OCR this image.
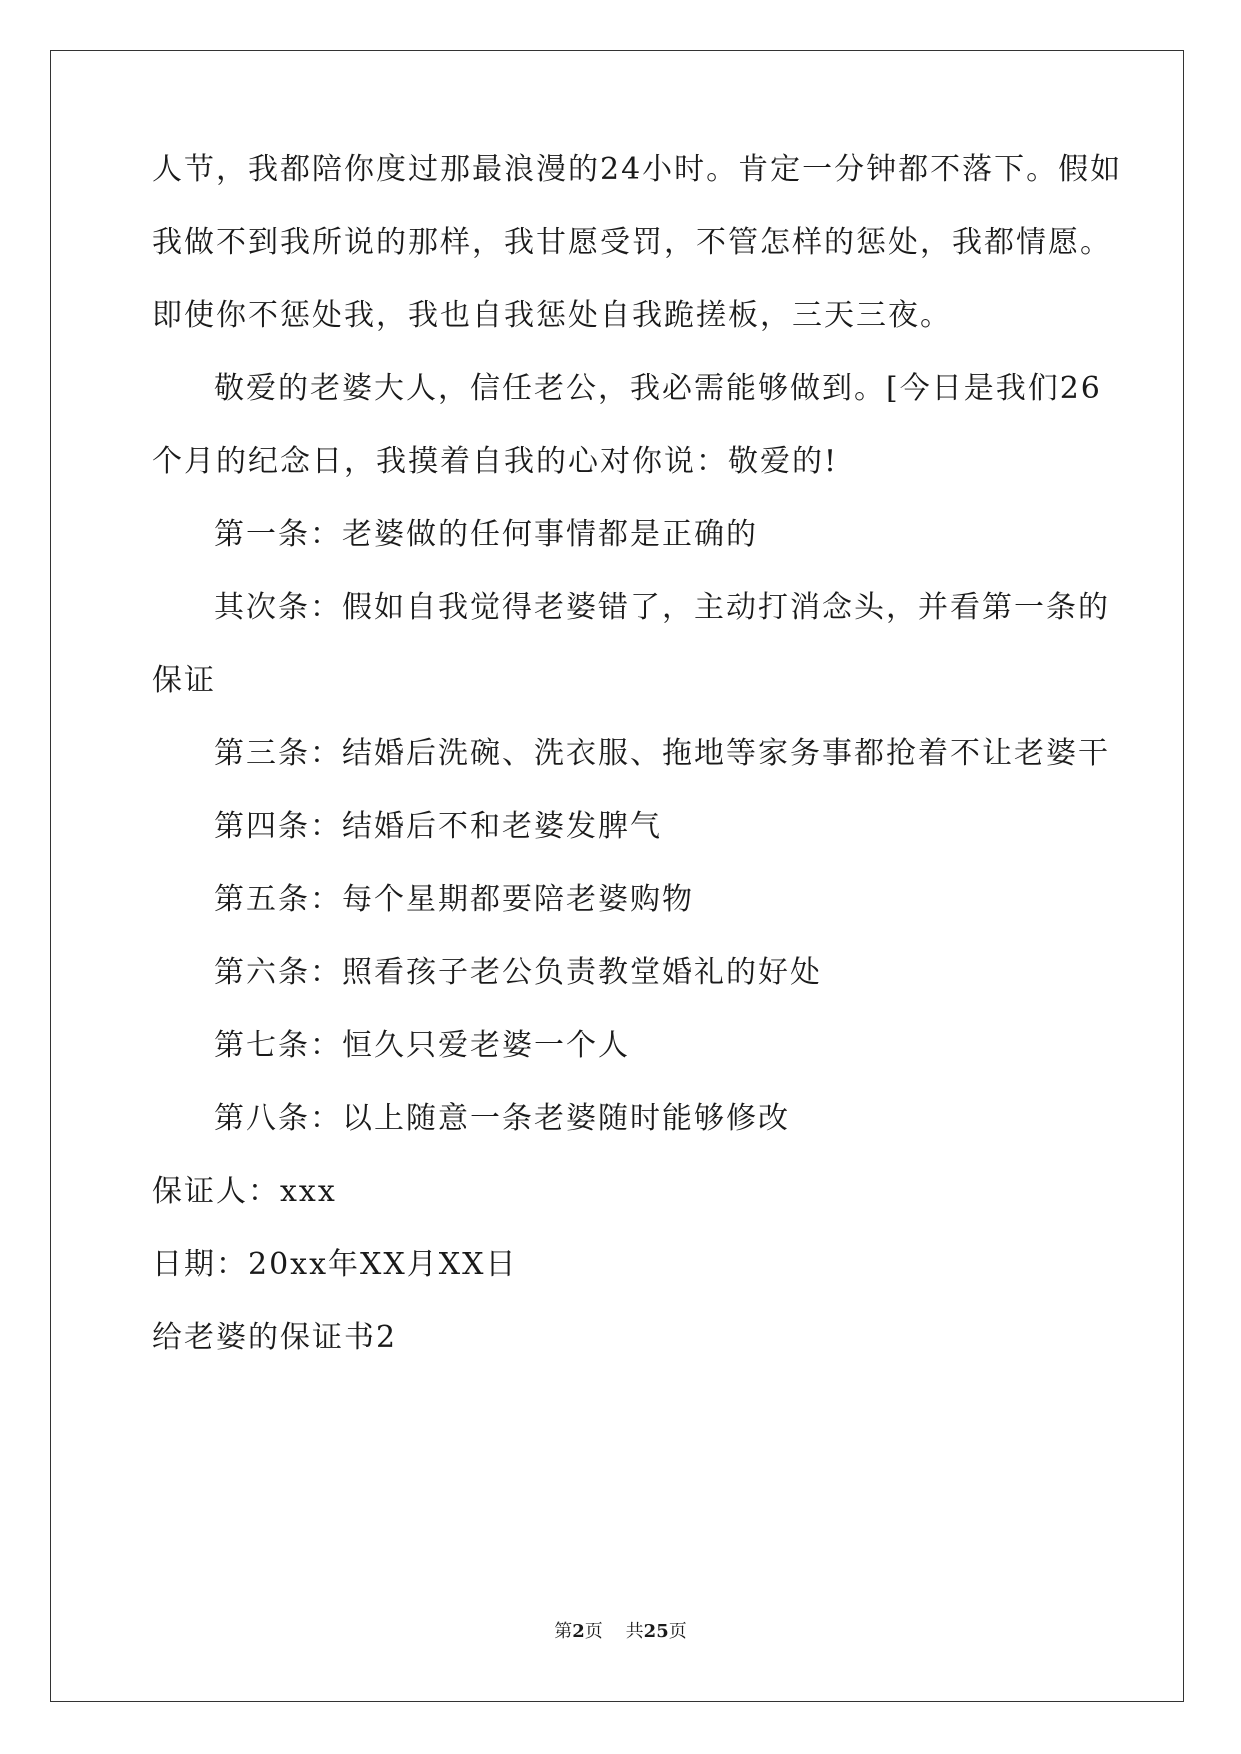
人节，我都陪你度过那最浪漫的24小时。肯定一分钟都不落下。假如
我做不到我所说的那样，我甘愿受罚，不管怎样的惩处，我都情愿。
即使你不惩处我，我也自我惩处自我跪搓板，三天三夜。
敬爱的老婆大人，信任老公，我必需能够做到。[今日是我们26
个月的纪念日，我摸着自我的心对你说：敬爱的!
第一条：老婆做的任何事情都是正确的
其次条：假如自我觉得老婆错了，主动打消念头，并看第一条的
保证
第三条：结婚后洗碗、洗衣服、拖地等家务事都抢着不让老婆干
第四条：结婚后不和老婆发脾气
第五条：每个星期都要陪老婆购物
第六条：照看孩子老公负责教堂婚礼的好处
第七条：恒久只爱老婆一个人
第八条：以上随意一条老婆随时能够修改
保证人：xxx
日期：20xx年XX月XX日
给老婆的保证书2
第2页 共25页
